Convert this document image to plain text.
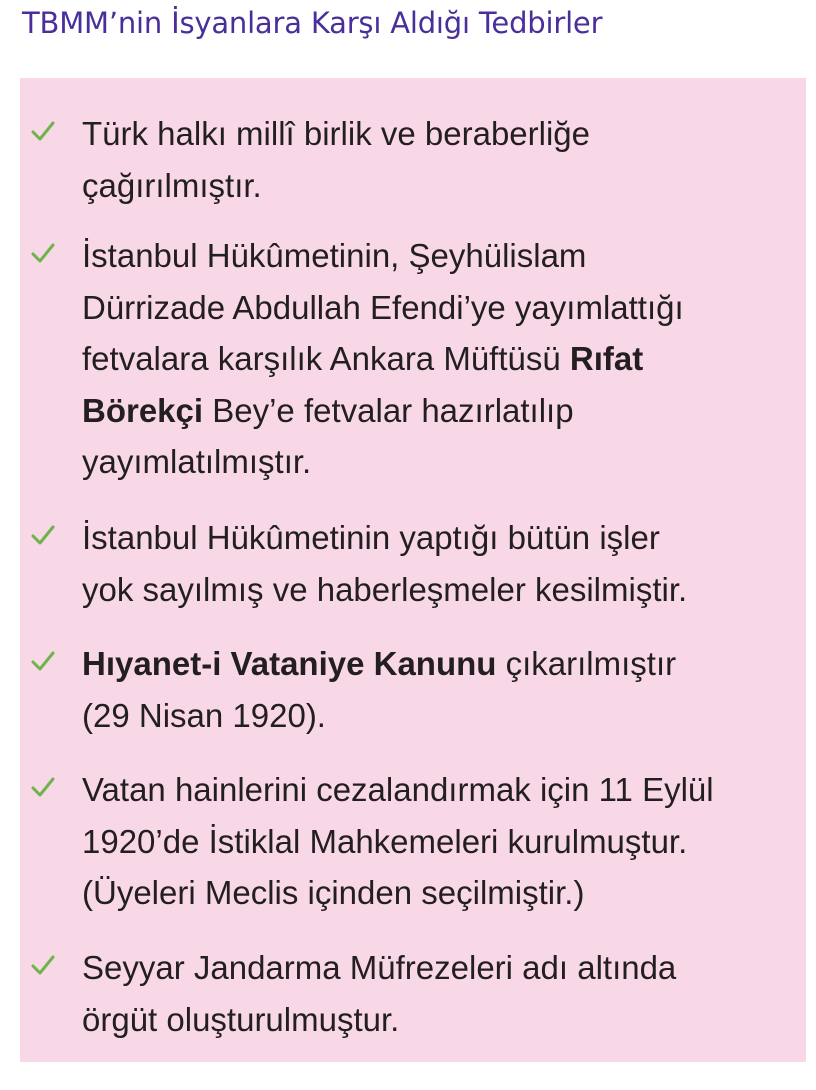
TBMM’nin İsyanlara Karşı Aldığı Tedbirler
Türk halkı millî birlik ve beraberliğe
çağırılmıştır.
İstanbul Hükûmetinin, Şeyhülislam
Dürrizade Abdullah Efendi’ye yayımlattığı
fetvalara karşılık Ankara Müftüsü Rıfat
Börekçi Bey’e fetvalar hazırlatılıp
yayımlatılmıştır.
İstanbul Hükûmetinin yaptığı bütün işler
yok sayılmış ve haberleşmeler kesilmiştir.
Hıyanet-i Vataniye Kanunu çıkarılmıştır
(29 Nisan 1920).
Vatan hainlerini cezalandırmak için 11 Eylül
1920’de İstiklal Mahkemeleri kurulmuştur.
(Üyeleri Meclis içinden seçilmiştir.)
Seyyar Jandarma Müfrezeleri adı altında
örgüt oluşturulmuştur.
